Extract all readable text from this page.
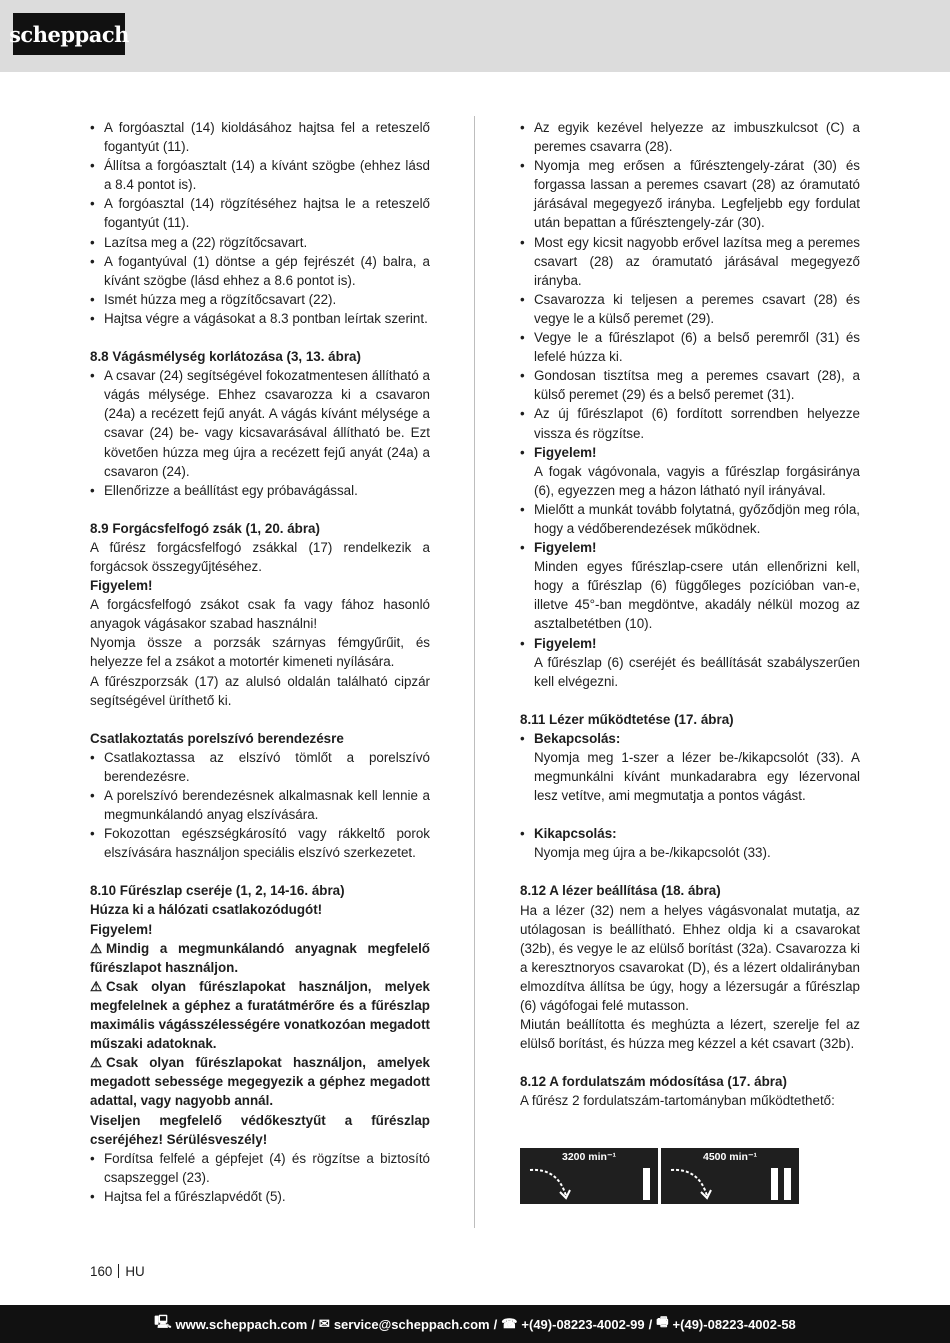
scheppach
• A forgóasztal (14) kioldásához hajtsa fel a reteszelő fogantyút (11).
• Állítsa a forgóasztalt (14) a kívánt szögbe (ehhez lásd a 8.4 pontot is).
• A forgóasztal (14) rögzítéséhez hajtsa le a reteszelő fogantyút (11).
• Lazítsa meg a (22) rögzítőcsavart.
• A fogantyúval (1) döntse a gép fejrészét (4) balra, a kívánt szögbe (lásd ehhez a 8.6 pontot is).
• Ismét húzza meg a rögzítőcsavart (22).
• Hajtsa végre a vágásokat a 8.3 pontban leírtak szerint.

8.8 Vágásmélység korlátozása (3, 13. ábra)

• A csavar (24) segítségével fokozatmentesen állítható a vágás mélysége. Ehhez csavarozza ki a csavaron (24a) a recézett fejű anyát. A vágás kívánt mélysége a csavar (24) be- vagy kicsavarásával állítható be. Ezt követően húzza meg újra a recézett fejű anyát (24a) a csavaron (24).
• Ellenőrizze a beállítást egy próbavágással.

8.9 Forgácsfelfogó zsák (1, 20. ábra)

A fűrész forgácsfelfogó zsákkal (17) rendelkezik a forgácsok összegyűjtéséhez.

Figyelem!

A forgácsfelfogó zsákot csak fa vagy fához hasonló anyagok vágásakor szabad használni!

Nyomja össze a porzsák szárnyas fémgyűrűit, és helyezze fel a zsákot a motortér kimeneti nyílására.

A fűrészporzsák (17) az alulsó oldalán található cipzár segítségével üríthető ki.

Csatlakoztatás porelszívó berendezésre

• Csatlakoztassa az elszívó tömlőt a porelszívó berendezésre.
• A porelszívó berendezésnek alkalmasnak kell lennie a megmunkálandó anyag elszívására.
• Fokozottan egészségkárosító vagy rákkeltő porok elszívására használjon speciális elszívó szerkezetet.

8.10 Fűrészlap cseréje (1, 2, 14-16. ábra)

Húzza ki a hálózati csatlakozódugót!

Figyelem!

⚠ Mindig a megmunkálandó anyagnak megfelelő fűrészlapot használjon.

⚠ Csak olyan fűrészlapokat használjon, melyek megfelelnek a géphez a furatátmérőre és a fűrészlap maximális vágásszélességére vonatkozóan megadott műszaki adatoknak.

⚠ Csak olyan fűrészlapokat használjon, amelyek megadott sebessége megegyezik a géphez megadott adattal, vagy nagyobb annál.

Viseljen megfelelő védőkesztyűt a fűrészlap cseréjéhez! Sérülésveszély!

• Fordítsa felfelé a gépfejet (4) és rögzítse a biztosító csapszeggel (23).
• Hajtsa fel a fűrészlapvédőt (5).
• Az egyik kezével helyezze az imbuszkulcsot (C) a peremes csavarra (28).
• Nyomja meg erősen a fűrésztengely-zárat (30) és forgassa lassan a peremes csavart (28) az óramutató járásával megegyező irányba. Legfeljebb egy fordulat után bepattan a fűrésztengely-zár (30).
• Most egy kicsit nagyobb erővel lazítsa meg a peremes csavart (28) az óramutató járásával megegyező irányba.
• Csavarozza ki teljesen a peremes csavart (28) és vegye le a külső peremet (29).
• Vegye le a fűrészlapot (6) a belső peremről (31) és lefelé húzza ki.
• Gondosan tisztítsa meg a peremes csavart (28), a külső peremet (29) és a belső peremet (31).
• Az új fűrészlapot (6) fordított sorrendben helyezze vissza és rögzítse.
• Figyelem!
A fogak vágóvonala, vagyis a fűrészlap forgásiránya (6), egyezzen meg a házon látható nyíl irányával.
• Mielőtt a munkát tovább folytatná, győződjön meg róla, hogy a védőberendezések működnek.
• Figyelem!
Minden egyes fűrészlap-csere után ellenőrizni kell, hogy a fűrészlap (6) függőleges pozícióban van-e, illetve 45°-ban megdöntve, akadály nélkül mozog az asztalbetétben (10).
• Figyelem!
A fűrészlap (6) cseréjét és beállítását szabályszerűen kell elvégezni.

8.11 Lézer működtetése (17. ábra)

• Bekapcsolás:
Nyomja meg 1-szer a lézer be-/kikapcsolót (33). A megmunkálni kívánt munkadarabra egy lézervonal lesz vetítve, ami megmutatja a pontos vágást.
• Kikapcsolás:
Nyomja meg újra a be-/kikapcsolót (33).

8.12 A lézer beállítása (18. ábra)

Ha a lézer (32) nem a helyes vágásvonalat mutatja, az utólagosan is beállítható. Ehhez oldja ki a csavarokat (32b), és vegye le az elülső borítást (32a). Csavarozza ki a keresztnoryos csavarokat (D), és a lézert oldalirányban elmozdítva állítsa be úgy, hogy a lézersugár a fűrészlap (6) vágófogai felé mutasson.

Miután beállította és meghúzta a lézert, szerelje fel az elülső borítást, és húzza meg kézzel a két csavart (32b).

8.12 A fordulatszám módosítása (17. ábra)

A fűrész 2 fordulatszám-tartományban működtethető:

3200 min⁻¹	4500 min⁻¹
160 HU
🖳 www.scheppach.com / ✉ service@scheppach.com / ☎ +(49)-08223-4002-99 / 🖷 +(49)-08223-4002-58
